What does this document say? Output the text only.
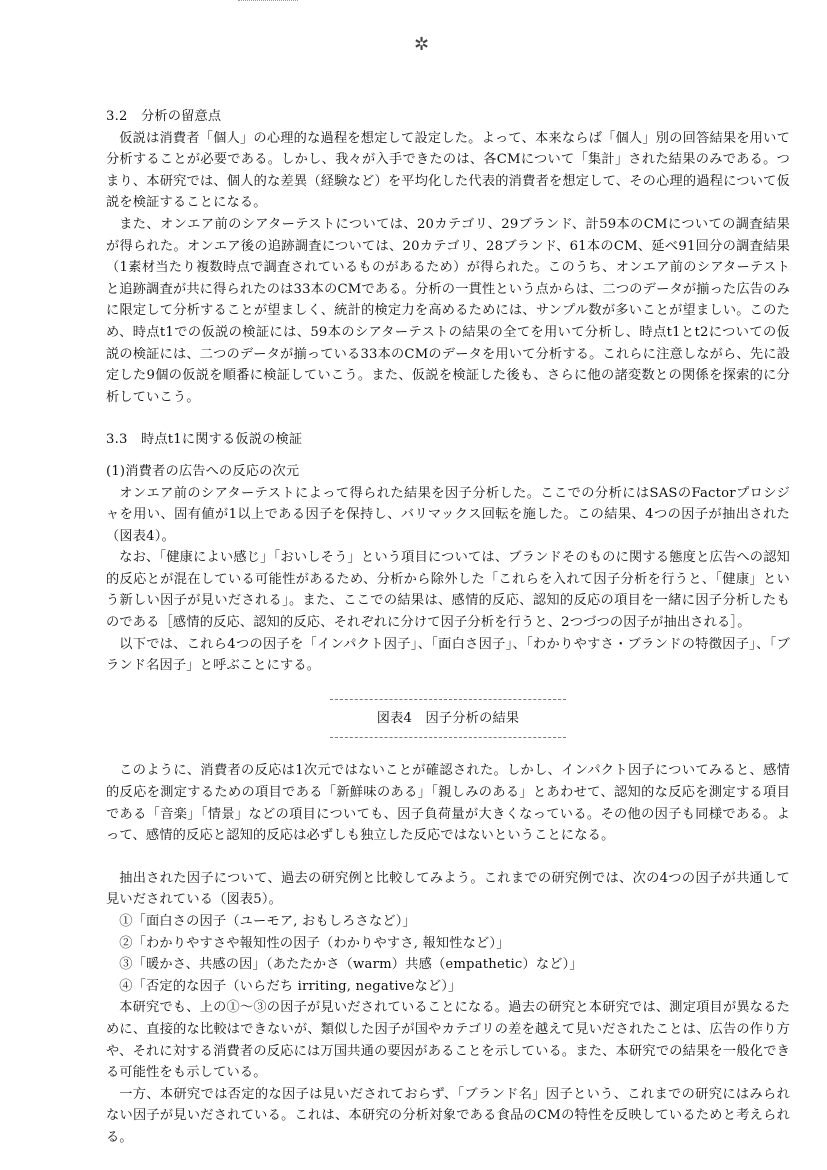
✲

3.2　分析の留意点

仮説は消費者「個人」の心理的な過程を想定して設定した。よって、本来ならば「個人」別の回答結果を用いて分析することが必要である。しかし、我々が入手できたのは、各CMについて「集計」された結果のみである。つまり、本研究では、個人的な差異（経験など）を平均化した代表的消費者を想定して、その心理的過程について仮説を検証することになる。

また、オンエア前のシアターテストについては、20カテゴリ、29ブランド、計59本のCMについての調査結果が得られた。オンエア後の追跡調査については、20カテゴリ、28ブランド、61本のCM、延べ91回分の調査結果（1素材当たり複数時点で調査されているものがあるため）が得られた。このうち、オンエア前のシアターテストと追跡調査が共に得られたのは33本のCMである。分析の一貫性という点からは、二つのデータが揃った広告のみに限定して分析することが望ましく、統計的検定力を高めるためには、サンプル数が多いことが望ましい。このため、時点t1での仮説の検証には、59本のシアターテストの結果の全てを用いて分析し、時点t1とt2についての仮説の検証には、二つのデータが揃っている33本のCMのデータを用いて分析する。これらに注意しながら、先に設定した9個の仮説を順番に検証していこう。また、仮説を検証した後も、さらに他の諸変数との関係を探索的に分析していこう。

3.3　時点t1に関する仮説の検証

(1)消費者の広告への反応の次元

オンエア前のシアターテストによって得られた結果を因子分析した。ここでの分析にはSASのFactorプロシジャを用い、固有値が1以上である因子を保持し、バリマックス回転を施した。この結果、4つの因子が抽出された（図表4）。

なお、「健康によい感じ」「おいしそう」という項目については、ブランドそのものに関する態度と広告への認知的反応とが混在している可能性があるため、分析から除外した「これらを入れて因子分析を行うと、「健康」という新しい因子が見いだされる」。また、ここでの結果は、感情的反応、認知的反応の項目を一緒に因子分析したものである［感情的反応、認知的反応、それぞれに分けて因子分析を行うと、2つづつの因子が抽出される］。

以下では、これら4つの因子を「インパクト因子」、「面白さ因子」、「わかりやすさ・ブランドの特徴因子」、「ブランド名因子」と呼ぶことにする。

図表4　因子分析の結果

このように、消費者の反応は1次元ではないことが確認された。しかし、インパクト因子についてみると、感情的反応を測定するための項目である「新鮮味のある」「親しみのある」とあわせて、認知的な反応を測定する項目である「音楽」「情景」などの項目についても、因子負荷量が大きくなっている。その他の因子も同様である。よって、感情的反応と認知的反応は必ずしも独立した反応ではないということになる。

抽出された因子について、過去の研究例と比較してみよう。これまでの研究例では、次の4つの因子が共通して見いだされている（図表5）。

①「面白さの因子（ユーモア, おもしろさなど）」
②「わかりやすさや報知性の因子（わかりやすさ, 報知性など）」
③「暖かさ、共感の因」（あたたかさ（warm）共感（empathetic）など）」
④「否定的な因子（いらだち irriting, negativeなど）」

本研究でも、上の①～③の因子が見いだされていることになる。過去の研究と本研究では、測定項目が異なるために、直接的な比較はできないが、類似した因子が国やカテゴリの差を越えて見いだされたことは、広告の作り方や、それに対する消費者の反応には万国共通の要因があることを示している。また、本研究での結果を一般化できる可能性をも示している。

一方、本研究では否定的な因子は見いだされておらず、「ブランド名」因子という、これまでの研究にはみられない因子が見いだされている。これは、本研究の分析対象である食品のCMの特性を反映しているためと考えられる。
